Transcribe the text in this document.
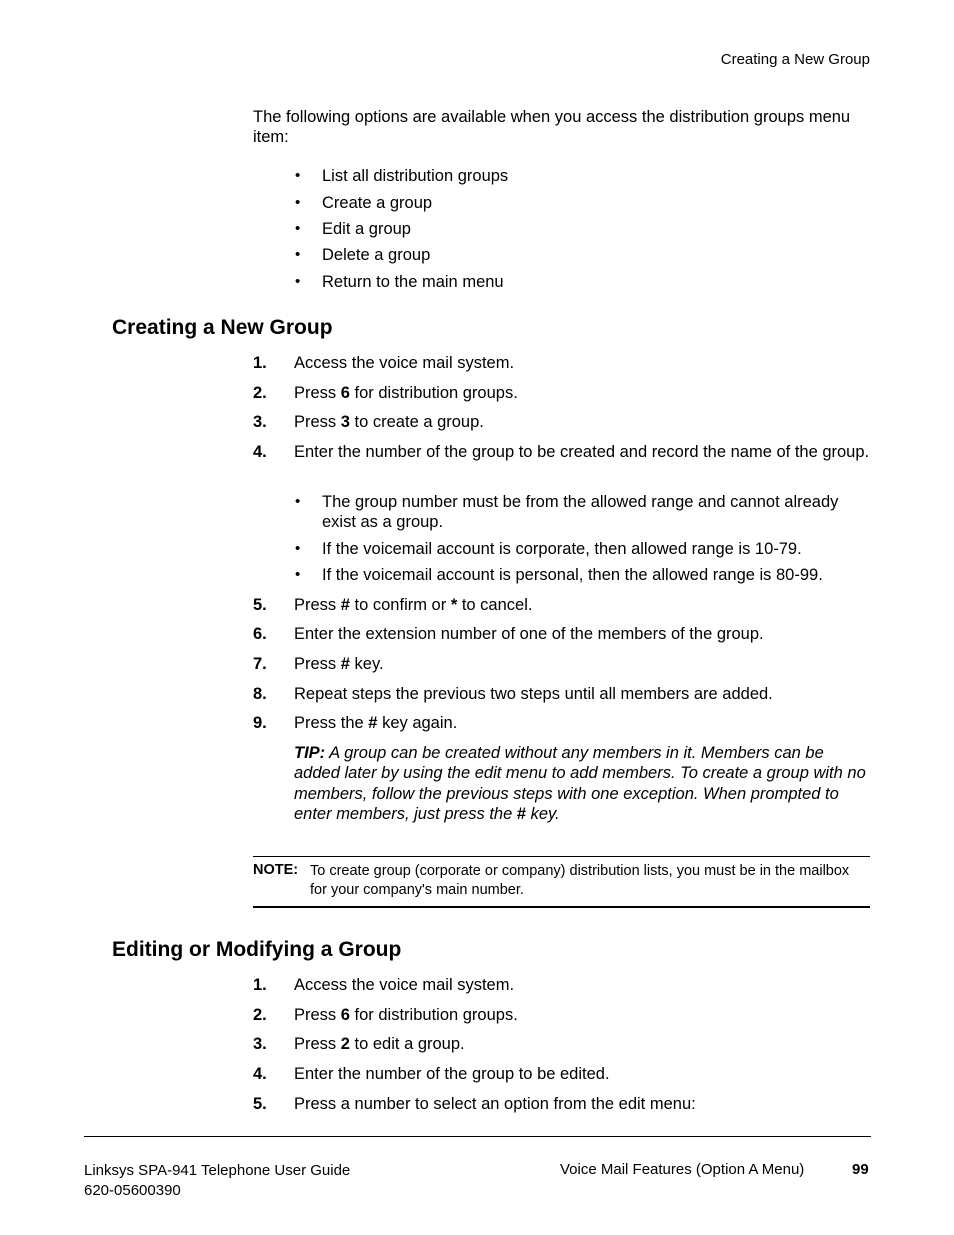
Creating a New Group
The following options are available when you access the distribution groups menu item:
• List all distribution groups
• Create a group
• Edit a group
• Delete a group
• Return to the main menu
Creating a New Group
1. Access the voice mail system.
2. Press 6 for distribution groups.
3. Press 3 to create a group.
4. Enter the number of the group to be created and record the name of the group.
• The group number must be from the allowed range and cannot already exist as a group.
• If the voicemail account is corporate, then allowed range is 10-79.
• If the voicemail account is personal, then the allowed range is 80-99.
5. Press # to confirm or * to cancel.
6. Enter the extension number of one of the members of the group.
7. Press # key.
8. Repeat steps the previous two steps until all members are added.
9. Press the # key again.
TIP: A group can be created without any members in it. Members can be added later by using the edit menu to add members. To create a group with no members, follow the previous steps with one exception. When prompted to enter members, just press the # key.
NOTE: To create group (corporate or company) distribution lists, you must be in the mailbox for your company's main number.
Editing or Modifying a Group
1. Access the voice mail system.
2. Press 6 for distribution groups.
3. Press 2 to edit a group.
4. Enter the number of the group to be edited.
5. Press a number to select an option from the edit menu:
Linksys SPA-941 Telephone User Guide
620-05600390
Voice Mail Features (Option A Menu)	99
